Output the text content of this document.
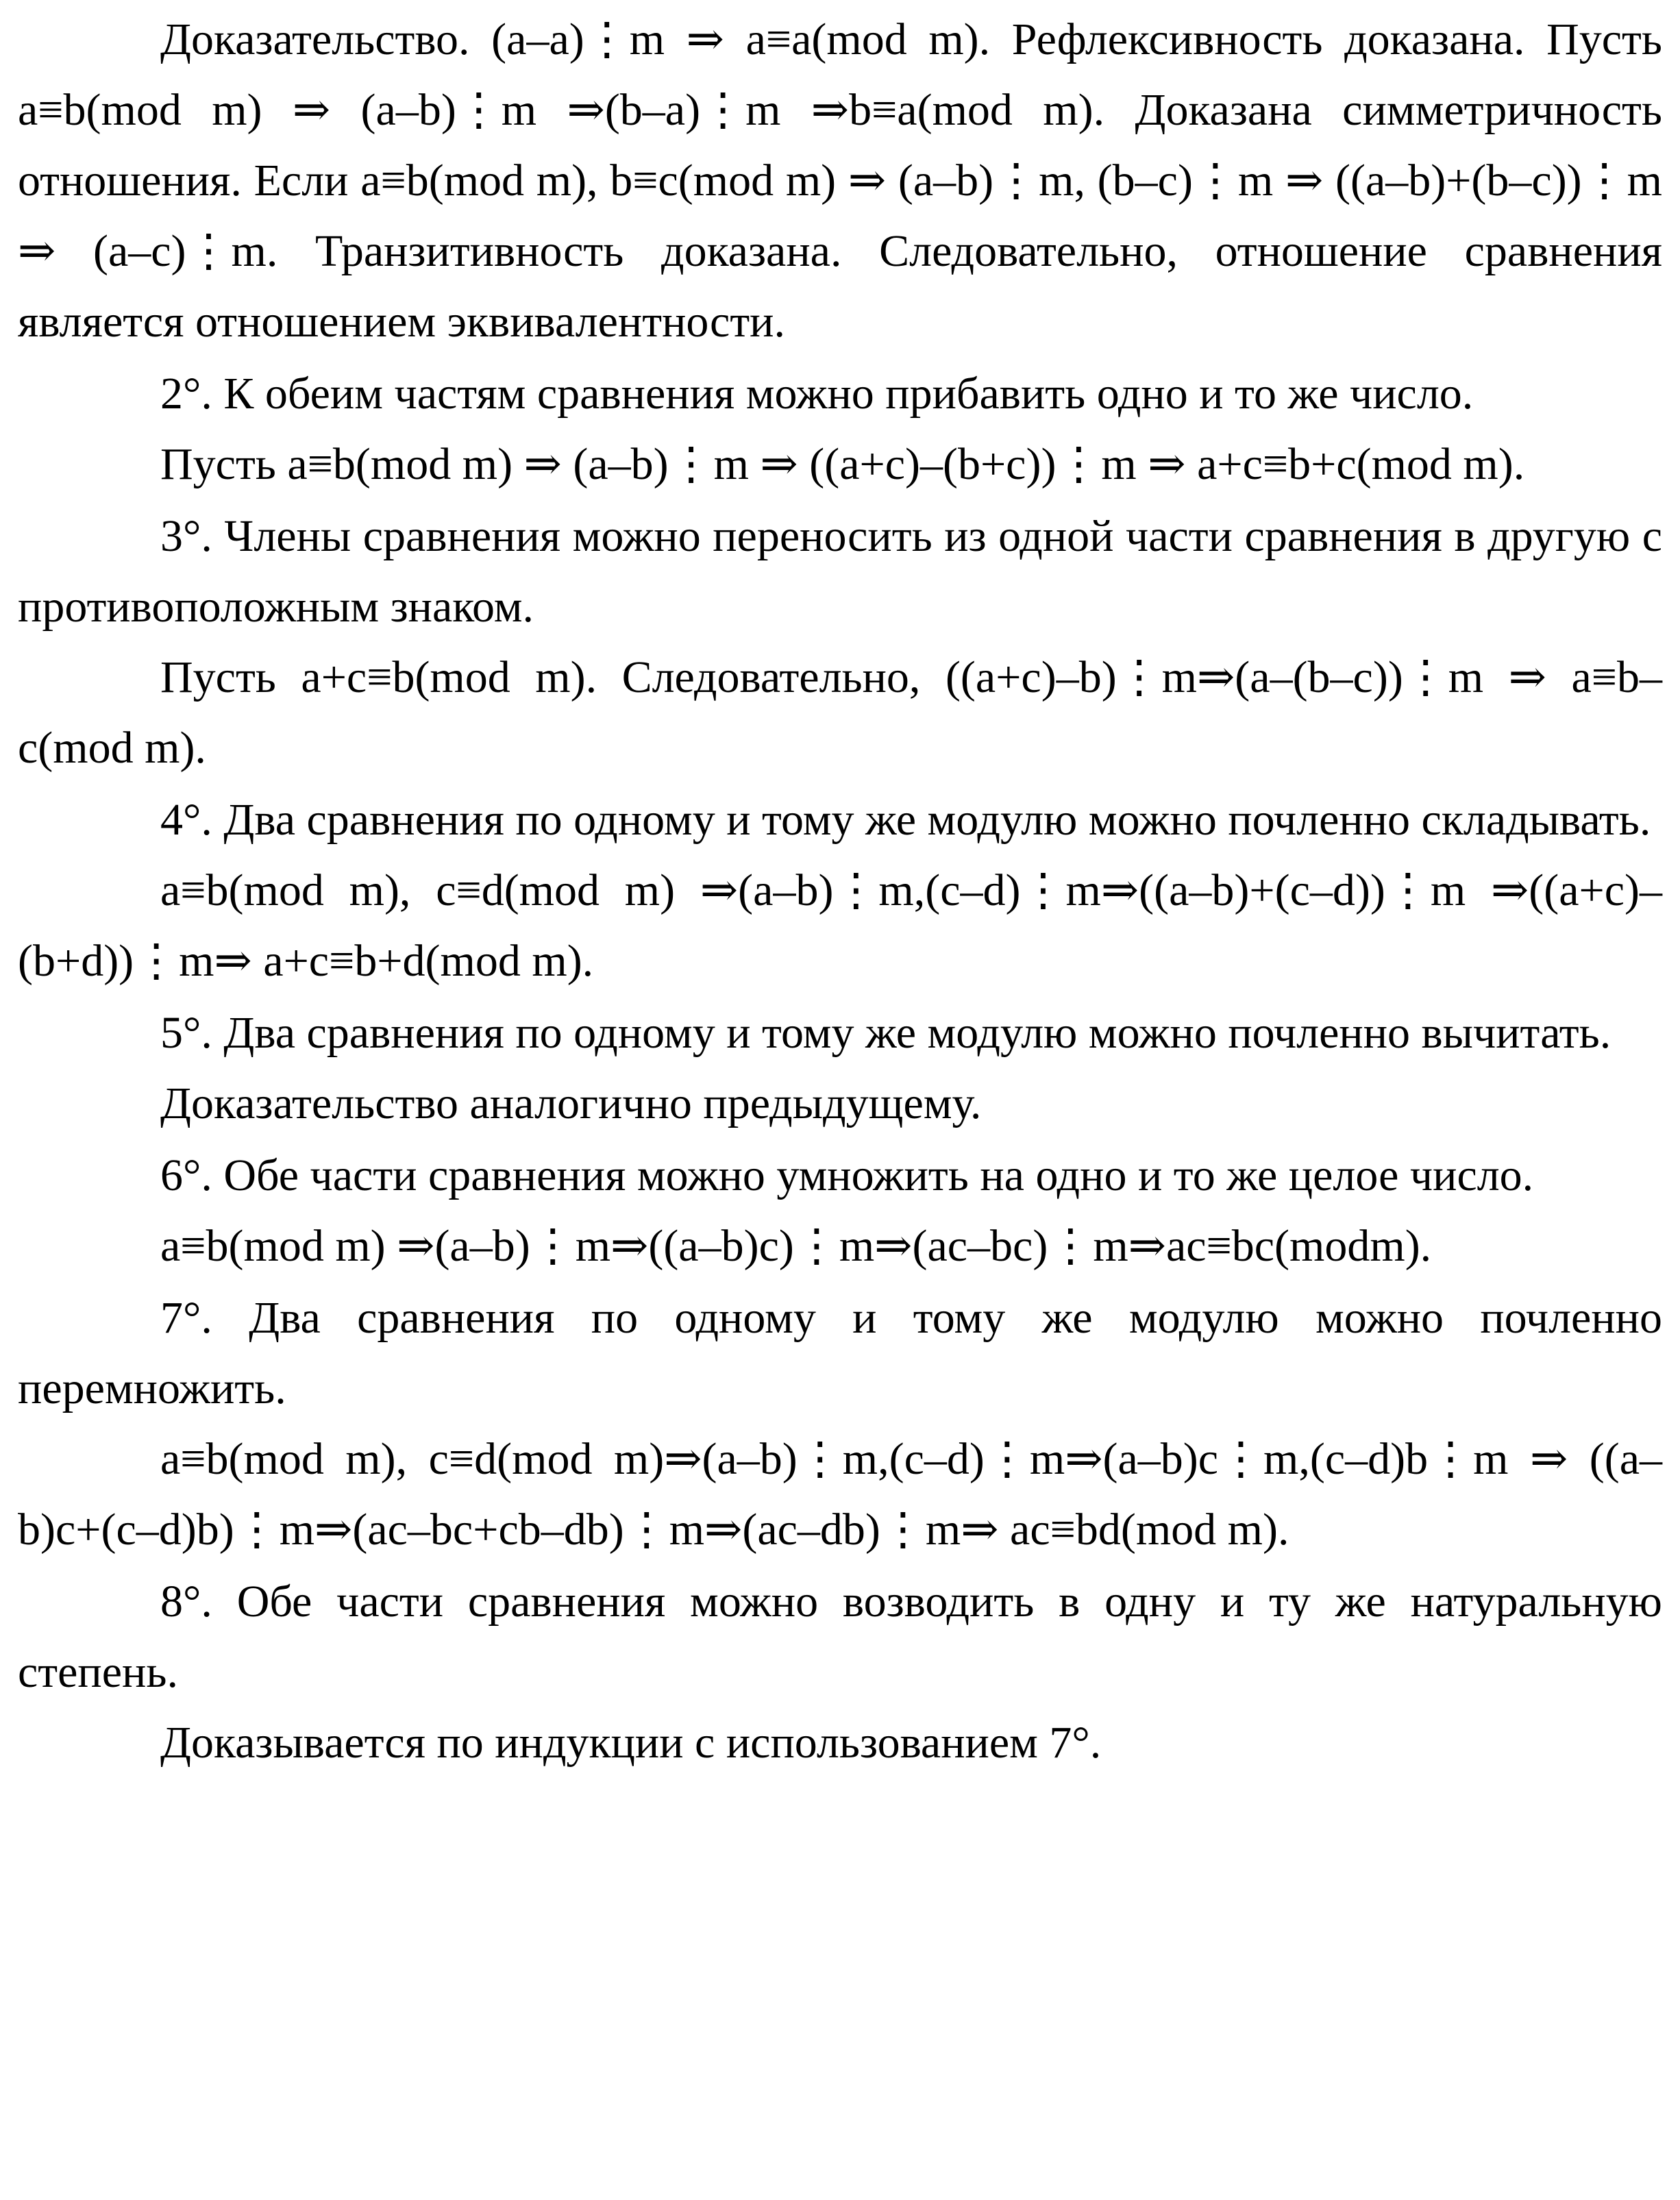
Доказательство. (a–a)⋮m ⇒ a≡a(mod m). Рефлексивность доказана. Пусть a≡b(mod m) ⇒ (a–b)⋮m ⇒(b–a)⋮m ⇒b≡a(mod m). Доказана симметричность отношения. Если a≡b(mod m), b≡c(mod m) ⇒ (a–b)⋮m, (b–c)⋮m ⇒ ((a–b)+(b–c))⋮m ⇒ (a–c)⋮m. Транзитивность доказана. Следовательно, отношение сравнения является отношением эквивалентности.

2°. К обеим частям сравнения можно прибавить одно и то же число.

Пусть a≡b(mod m) ⇒ (a–b)⋮m ⇒ ((a+c)–(b+c))⋮m ⇒ a+c≡b+c(mod m).

3°. Члены сравнения можно переносить из одной части сравнения в другую с противоположным знаком.

Пусть a+c≡b(mod m). Следовательно, ((a+c)–b)⋮m⇒(a–(b–c))⋮m ⇒ a≡b–c(mod m).

4°. Два сравнения по одному и тому же модулю можно почленно складывать.

a≡b(mod m), c≡d(mod m) ⇒(a–b)⋮m,(c–d)⋮m⇒((a–b)+(c–d))⋮m ⇒((a+c)–(b+d))⋮m⇒ a+c≡b+d(mod m).

5°. Два сравнения по одному и тому же модулю можно почленно вычитать.

Доказательство аналогично предыдущему.

6°. Обе части сравнения можно умножить на одно и то же целое число.

a≡b(mod m) ⇒(a–b)⋮m⇒((a–b)c)⋮m⇒(ac–bc)⋮m⇒ac≡bc(modm).

7°. Два сравнения по одному и тому же модулю можно почленно перемножить.

a≡b(mod m), c≡d(mod m)⇒(a–b)⋮m,(c–d)⋮m⇒(a–b)c⋮m,(c–d)b⋮m ⇒ ((a–b)c+(c–d)b)⋮m⇒(ac–bc+cb–db)⋮m⇒(ac–db)⋮m⇒ ac≡bd(mod m).

8°. Обе части сравнения можно возводить в одну и ту же натуральную степень.

Доказывается по индукции с использованием 7°.
